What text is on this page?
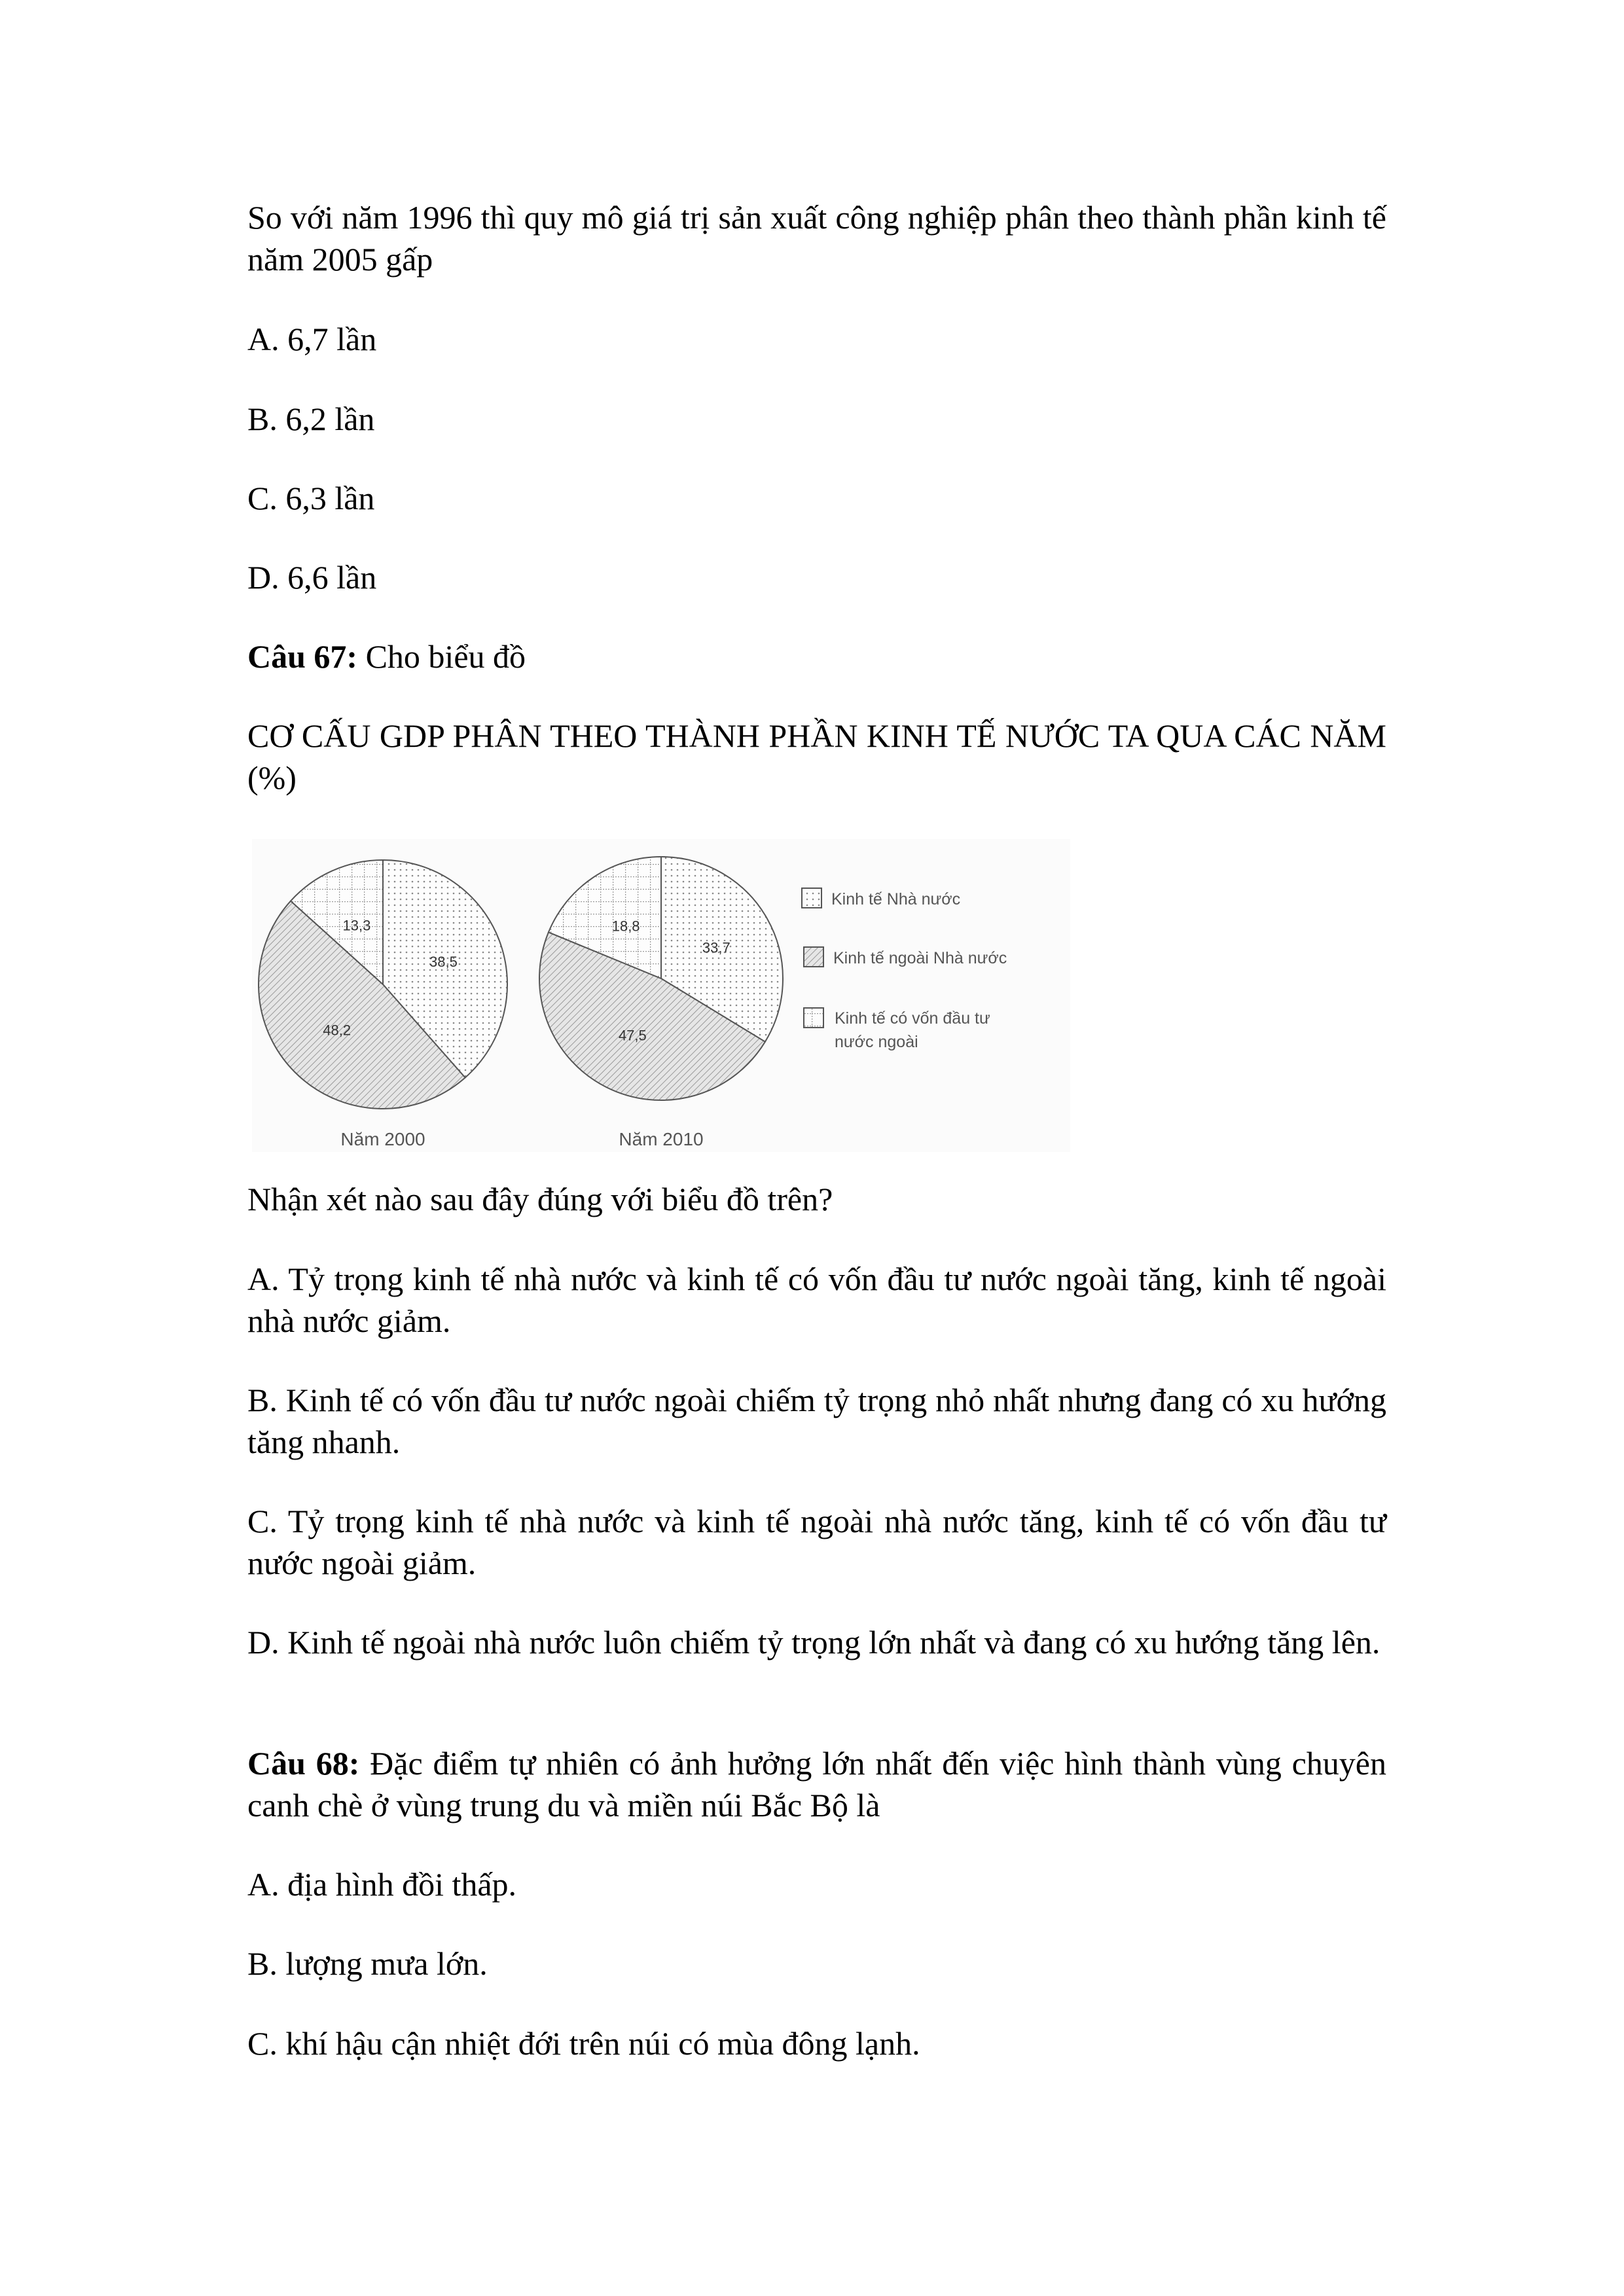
So với năm 1996 thì quy mô giá trị sản xuất công nghiệp phân theo thành phần kinh tế năm 2005 gấp

A. 6,7 lần

B. 6,2 lần

C. 6,3 lần

D. 6,6 lần

Câu 67: Cho biểu đồ

CƠ CẤU GDP PHÂN THEO THÀNH PHẦN KINH TẾ NƯỚC TA QUA CÁC NĂM (%)

38,5
48,2
13,3
33,7
47,5
18,8
Năm 2000	Năm 2010
Kinh tế Nhà nước
Kinh tế ngoài Nhà nước
Kinh tế có vốn đầu tư
nước ngoài

Nhận xét nào sau đây đúng với biểu đồ trên?

A. Tỷ trọng kinh tế nhà nước và kinh tế có vốn đầu tư nước ngoài tăng, kinh tế ngoài nhà nước giảm.

B. Kinh tế có vốn đầu tư nước ngoài chiếm tỷ trọng nhỏ nhất nhưng đang có xu hướng tăng nhanh.

C. Tỷ trọng kinh tế nhà nước và kinh tế ngoài nhà nước tăng, kinh tế có vốn đầu tư nước ngoài giảm.

D. Kinh tế ngoài nhà nước luôn chiếm tỷ trọng lớn nhất và đang có xu hướng tăng lên.

Câu 68: Đặc điểm tự nhiên có ảnh hưởng lớn nhất đến việc hình thành vùng chuyên canh chè ở vùng trung du và miền núi Bắc Bộ là

A. địa hình đồi thấp.

B. lượng mưa lớn.

C. khí hậu cận nhiệt đới trên núi có mùa đông lạnh.
